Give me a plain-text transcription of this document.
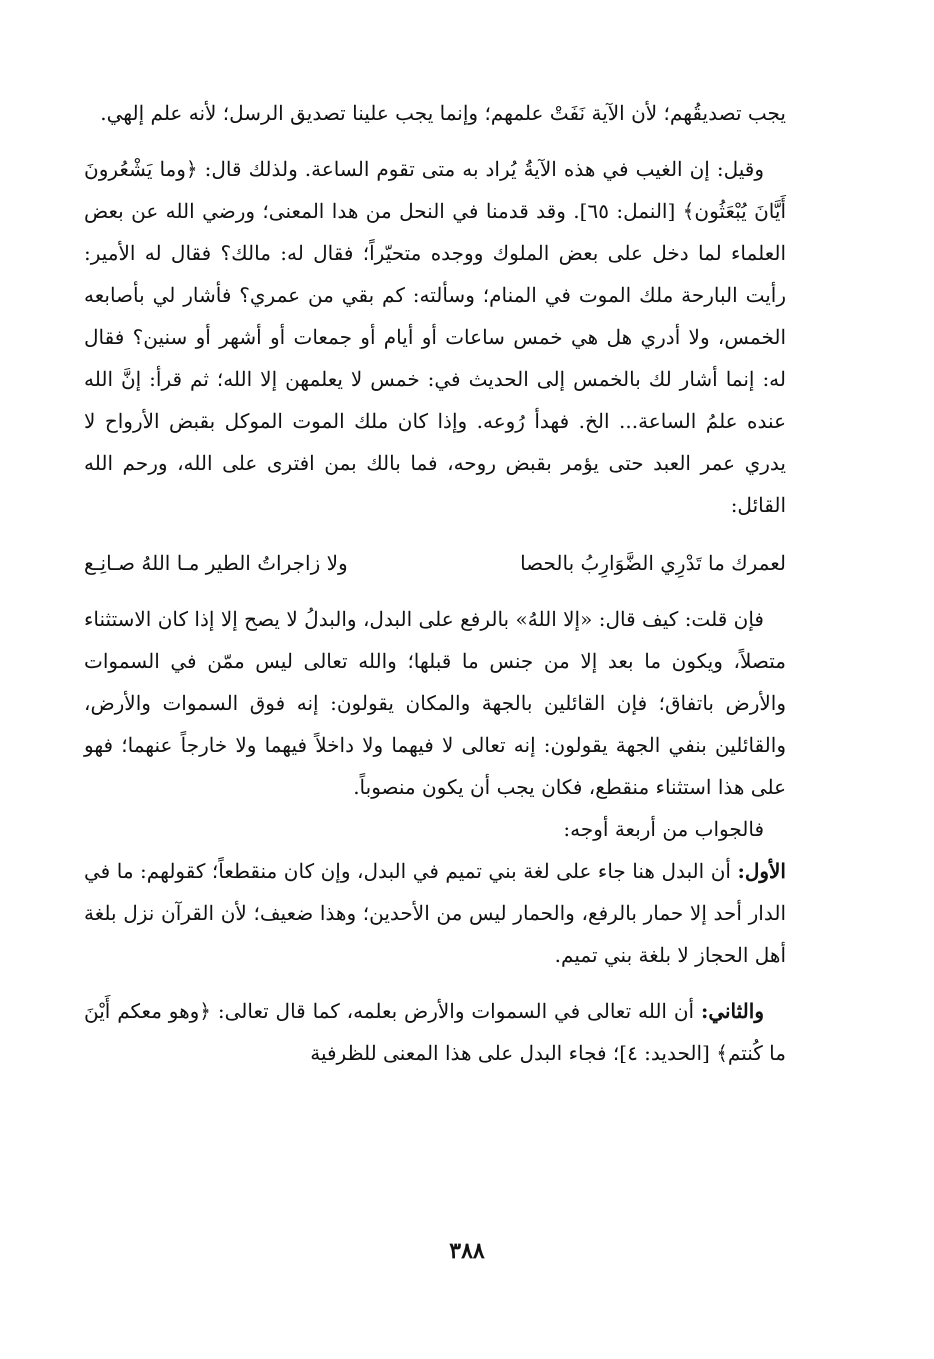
يجب تصديقُهم؛ لأن الآية نَفَتْ علمهم؛ وإنما يجب علينا تصديق الرسل؛ لأنه علم إلهي.

وقيل: إن الغيب في هذه الآيةُ يُراد به متى تقوم الساعة. ولذلك قال: ﴿وما يَشْعُرونَ أَيَّانَ يُبْعَثُون﴾ [النمل: ٦٥]. وقد قدمنا في النحل من هدا المعنى؛ ورضي الله عن بعض العلماء لما دخل على بعض الملوك ووجده متحيّراً؛ فقال له: مالك؟ فقال له الأمير: رأيت البارحة ملك الموت في المنام؛ وسألته: كم بقي من عمري؟ فأشار لي بأصابعه الخمس، ولا أدري هل هي خمس ساعات أو أيام أو جمعات أو أشهر أو سنين؟ فقال له: إنما أشار لك بالخمس إلى الحديث في: خمس لا يعلمهن إلا الله؛ ثم قرأ: إنَّ الله عنده علمُ الساعة... الخ. فهدأ رُوعه. وإذا كان ملك الموت الموكل بقبض الأرواح لا يدري عمر العبد حتى يؤمر بقبض روحه، فما بالك بمن افترى على الله، ورحم الله القائل:

لعمرك ما تَدْرِي الضَّوَارِبُ بالحصا
ولا زاجراتُ الطير مـا اللهُ صـانِـع

فإن قلت: كيف قال: «إلا اللهُ» بالرفع على البدل، والبدلُ لا يصح إلا إذا كان الاستثناء متصلاً، ويكون ما بعد إلا من جنس ما قبلها؛ والله تعالى ليس ممّن في السموات والأرض باتفاق؛ فإن القائلين بالجهة والمكان يقولون: إنه فوق السموات والأرض، والقائلين بنفي الجهة يقولون: إنه تعالى لا فيهما ولا داخلاً فيهما ولا خارجاً عنهما؛ فهو على هذا استثناء منقطع، فكان يجب أن يكون منصوباً.

فالجواب من أربعة أوجه:

الأول: أن البدل هنا جاء على لغة بني تميم في البدل، وإن كان منقطعاً؛ كقولهم: ما في الدار أحد إلا حمار بالرفع، والحمار ليس من الأحدين؛ وهذا ضعيف؛ لأن القرآن نزل بلغة أهل الحجاز لا بلغة بني تميم.

والثاني: أن الله تعالى في السموات والأرض بعلمه، كما قال تعالى: ﴿وهو معكم أَيْنَ ما كُنتم﴾ [الحديد: ٤]؛ فجاء البدل على هذا المعنى للظرفية

٣٨٨
